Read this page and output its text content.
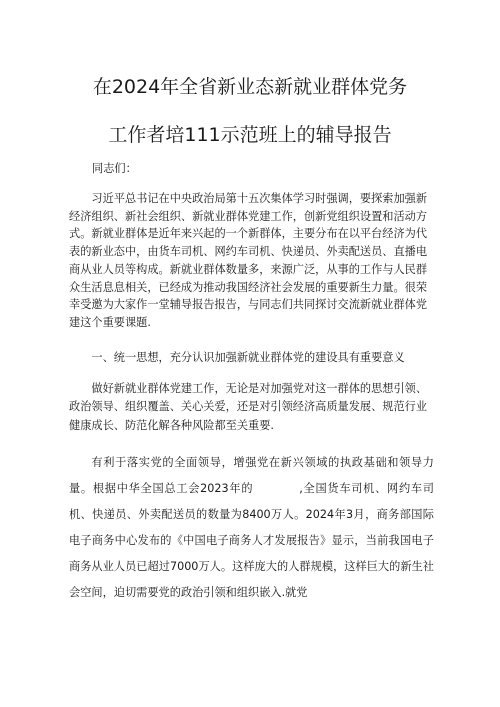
在2024年全省新业态新就业群体党务
工作者培111示范班上的辅导报告
同志们：

习近平总书记在中央政治局第十五次集体学习时强调，要探索加强新经济组织、新社会组织、新就业群体党建工作，创新党组织设置和活动方式。新就业群体是近年来兴起的一个新群体，主要分布在以平台经济为代表的新业态中，由货车司机、网约车司机、快递员、外卖配送员、直播电商从业人员等构成。新就业群体数量多，来源广泛，从事的工作与人民群众生活息息相关，已经成为推动我国经济社会发展的重要新生力量。很荣幸受邀为大家作一堂辅导报告报告，与同志们共同探讨交流新就业群体党建这个重要课题.

一、统一思想，充分认识加强新就业群体党的建设具有重要意义

做好新就业群体党建工作，无论是对加强党对这一群体的思想引领、政治领导、组织覆盖、关心关爱，还是对引领经济高质量发展、规范行业健康成长、防范化解各种风险都至关重要.

有利于落实党的全面领导，增强党在新兴领域的执政基础和领导力量。根据中华全国总工会2023年的	,全国货车司机、网约车司机、快递员、外卖配送员的数量为8400万人。2024年3月，商务部国际电子商务中心发布的《中国电子商务人才发展报告》显示，当前我国电子商务从业人员已超过7000万人。这样庞大的人群规模，这样巨大的新生社会空间，迫切需要党的政治引领和组织嵌入.就党
